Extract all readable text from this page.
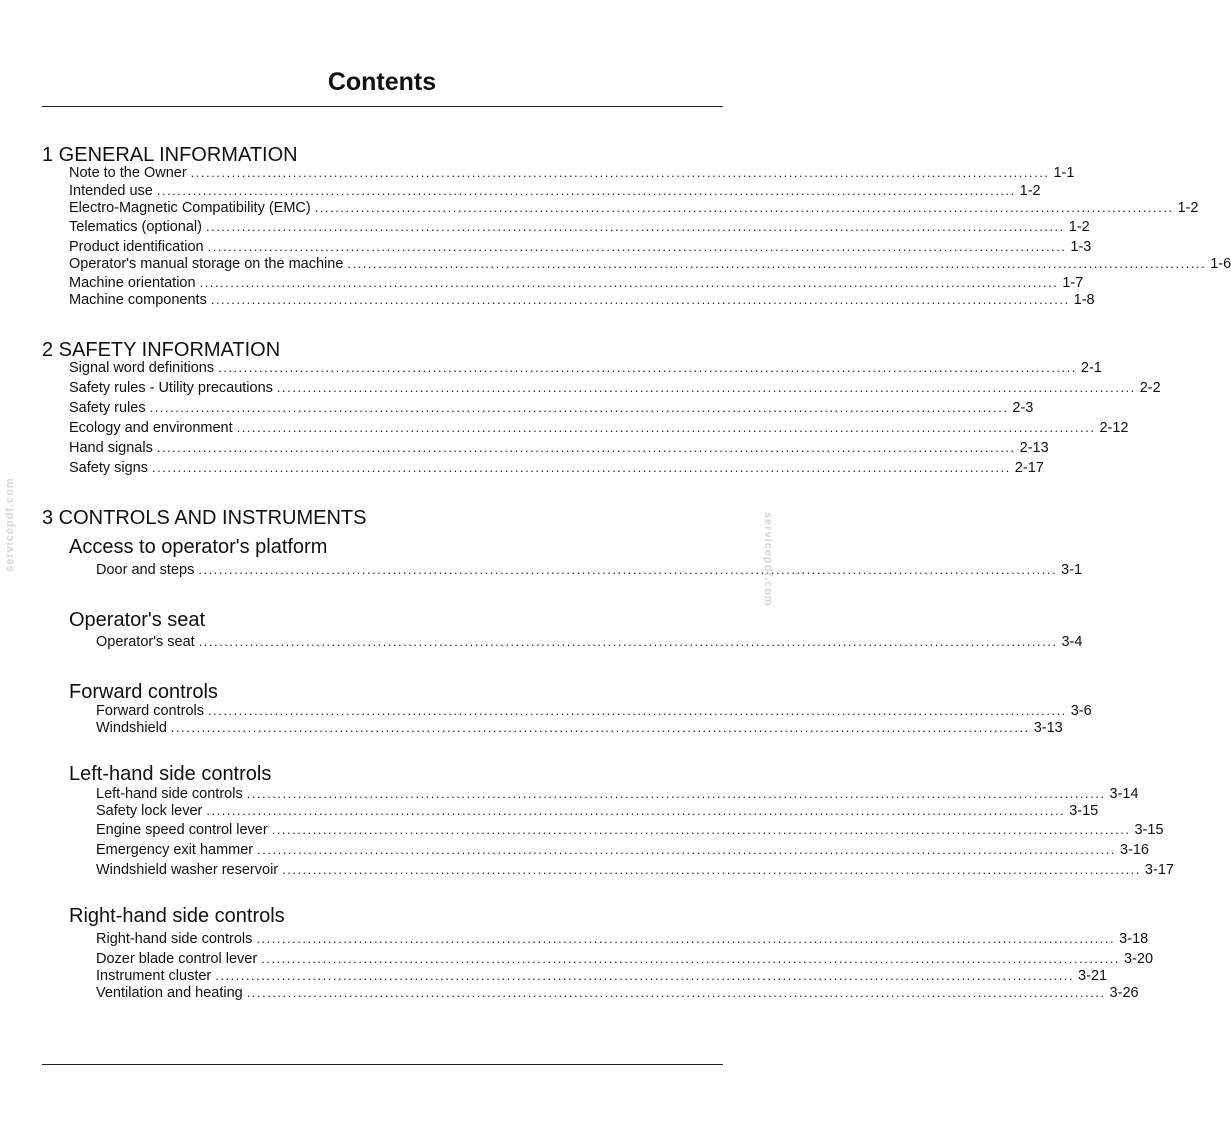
Contents
1 GENERAL INFORMATION
Note to the Owner ........................................................................................................................................................................ 1-1
Intended use ........................................................................................................................................................................ 1-2
Electro-Magnetic Compatibility (EMC) ........................................................................................................................................................................ 1-2
Telematics (optional) ........................................................................................................................................................................ 1-2
Product identification ........................................................................................................................................................................ 1-3
Operator's manual storage on the machine ........................................................................................................................................................................ 1-6
Machine orientation ........................................................................................................................................................................ 1-7
Machine components ........................................................................................................................................................................ 1-8
2 SAFETY INFORMATION
Signal word definitions ........................................................................................................................................................................ 2-1
Safety rules - Utility precautions ........................................................................................................................................................................ 2-2
Safety rules ........................................................................................................................................................................ 2-3
Ecology and environment ........................................................................................................................................................................ 2-12
Hand signals ........................................................................................................................................................................ 2-13
Safety signs ........................................................................................................................................................................ 2-17
3 CONTROLS AND INSTRUMENTS
Access to operator's platform
Door and steps ........................................................................................................................................................................ 3-1
Operator's seat
Operator's seat ........................................................................................................................................................................ 3-4
Forward controls
Forward controls ........................................................................................................................................................................ 3-6
Windshield ........................................................................................................................................................................ 3-13
Left-hand side controls
Left-hand side controls ........................................................................................................................................................................ 3-14
Safety lock lever ........................................................................................................................................................................ 3-15
Engine speed control lever ........................................................................................................................................................................ 3-15
Emergency exit hammer ........................................................................................................................................................................ 3-16
Windshield washer reservoir ........................................................................................................................................................................ 3-17
Right-hand side controls
Right-hand side controls ........................................................................................................................................................................ 3-18
Dozer blade control lever ........................................................................................................................................................................ 3-20
Instrument cluster ........................................................................................................................................................................ 3-21
Ventilation and heating ........................................................................................................................................................................ 3-26
servicepdf.com	servicepdf.com
